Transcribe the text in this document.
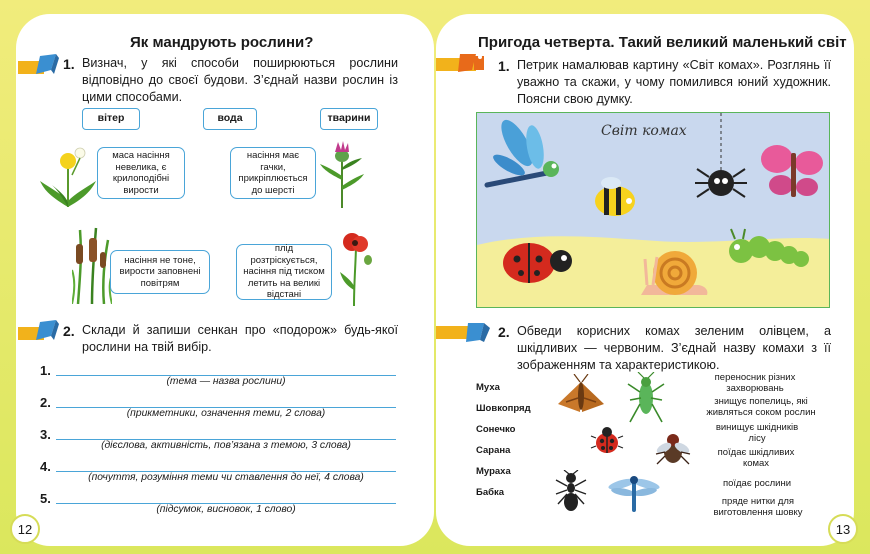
Як мандрують рослини?
1. Визнач, у які способи поширюються рослини відповідно до своєї будови. З’єднай назви рослин із цими способами.
вітер	вода	тварини
маса насіння невелика, є крилоподібні вирости
насіння має гачки, прикріплюється до шерсті
насіння не тоне, вирости заповнені повітрям
плід розтріскується, насіння під тиском летить на великі відстані
2. Склади й запиши сенкан про «подорож» будь-якої рослини на твій вибір.
1.
(тема — назва рослини)
2.
(прикметники, означення теми, 2 слова)
3.
(дієслова, активність, пов’язана з темою, 3 слова)
4.
(почуття, розуміння теми чи ставлення до неї, 4 слова)
5.
(підсумок, висновок, 1 слово)
12
Пригода четверта. Такий великий маленький світ
1. Петрик намалював картину «Світ комах». Розглянь її уважно та скажи, у чому помилився юний художник. Поясни свою думку.
Світ комах
2. Обведи корисних комах зеленим олівцем, а шкідливих — червоним. З’єднай назву комахи з її зображенням та характеристикою.
Муха
Шовкопряд
Сонечко
Сарана
Мураха
Бабка
переносник різних захворювань
знищує попелиць, які живляться соком рослин
винищує шкідників лісу
поїдає шкідливих комах
поїдає рослини
пряде нитки для виготовлення шовку
13
